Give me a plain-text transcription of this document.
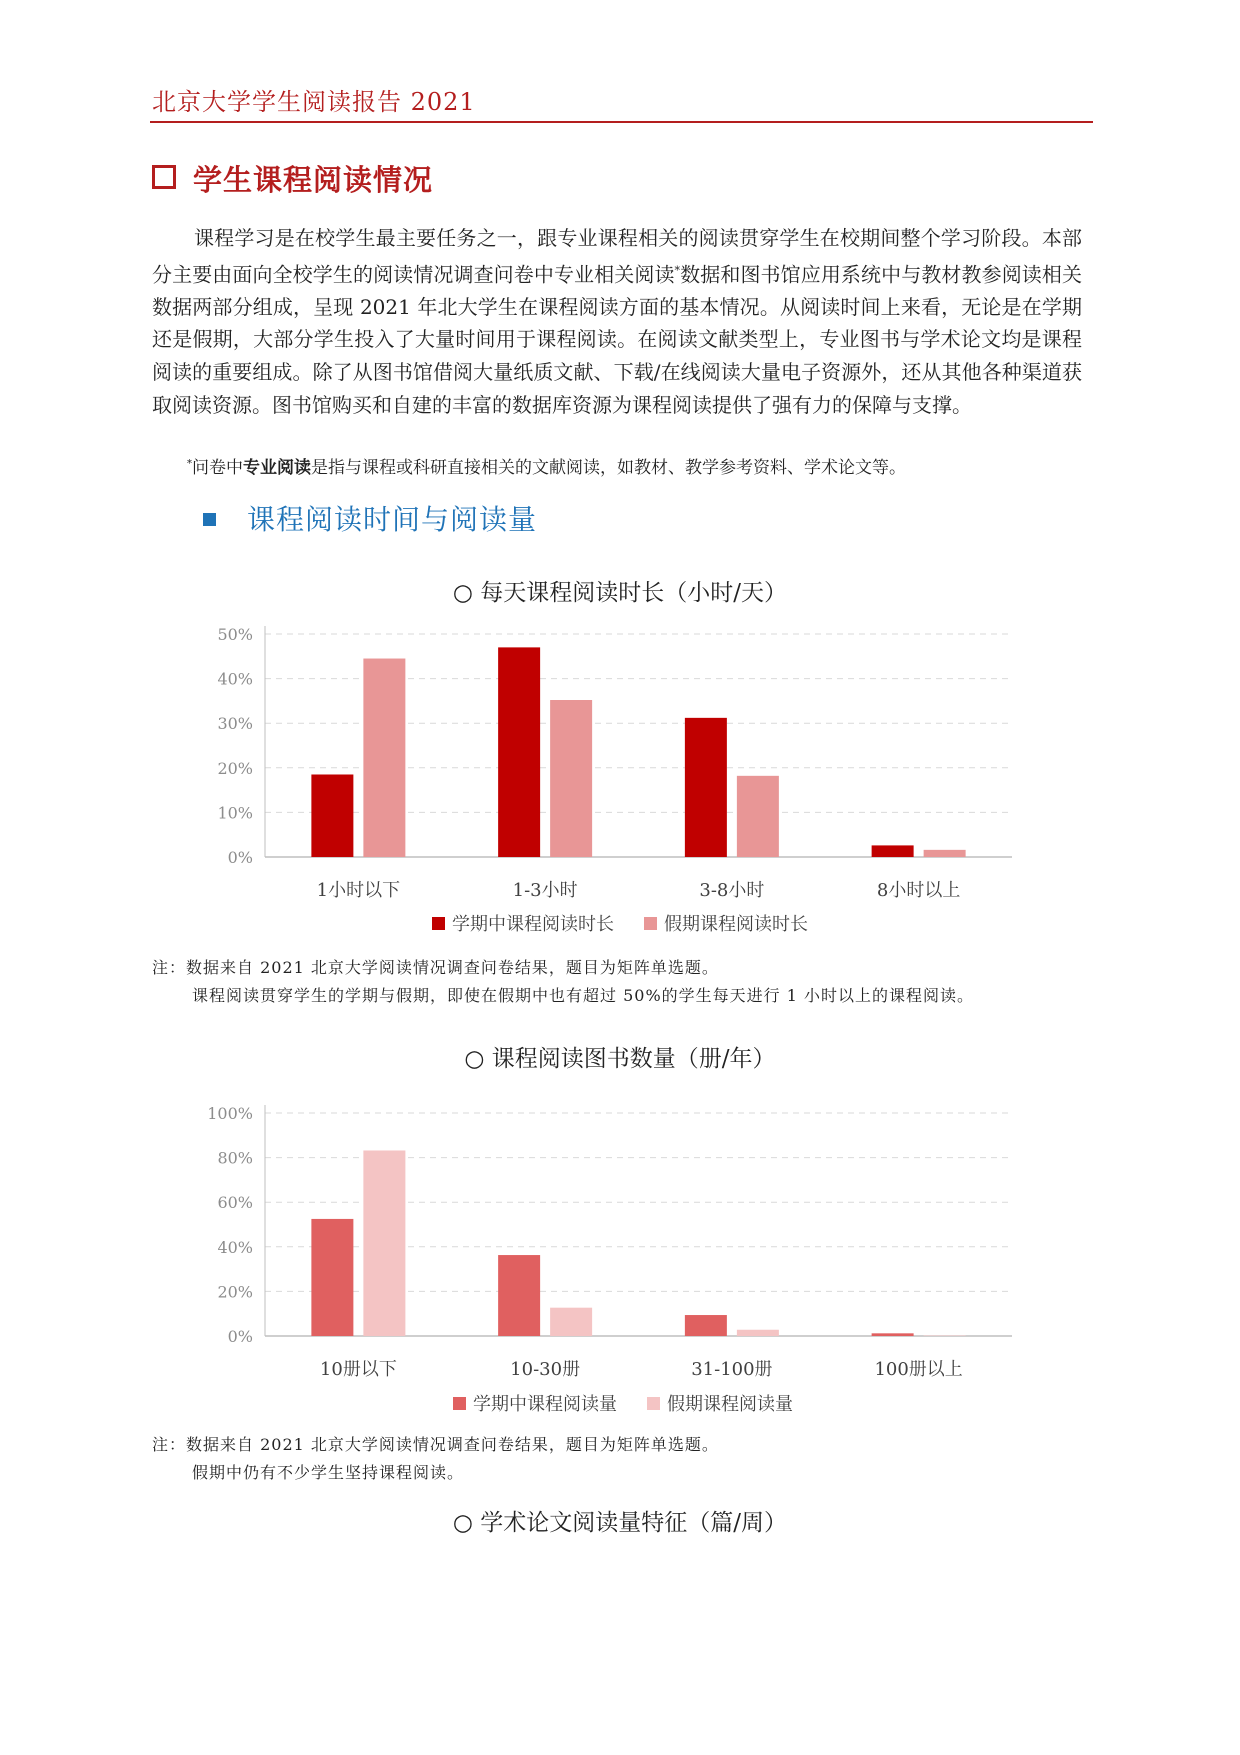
北京大学学生阅读报告 2021
学生课程阅读情况
课程学习是在校学生最主要任务之一，跟专业课程相关的阅读贯穿学生在校期间整个学习阶段。本部分主要由面向全校学生的阅读情况调查问卷中专业相关阅读*数据和图书馆应用系统中与教材教参阅读相关数据两部分组成，呈现 2021 年北大学生在课程阅读方面的基本情况。从阅读时间上来看，无论是在学期还是假期，大部分学生投入了大量时间用于课程阅读。在阅读文献类型上，专业图书与学术论文均是课程阅读的重要组成。除了从图书馆借阅大量纸质文献、下载/在线阅读大量电子资源外，还从其他各种渠道获取阅读资源。图书馆购买和自建的丰富的数据库资源为课程阅读提供了强有力的保障与支撑。
*问卷中专业阅读是指与课程或科研直接相关的文献阅读，如教材、教学参考资料、学术论文等。
课程阅读时间与阅读量
○ 每天课程阅读时长（小时/天）
0%
10%
20%
30%
40%
50%
1小时以下	1-3小时	3-8小时	8小时以上
学期中课程阅读时长	假期课程阅读时长
注：数据来自 2021 北京大学阅读情况调查问卷结果，题目为矩阵单选题。
课程阅读贯穿学生的学期与假期，即使在假期中也有超过 50%的学生每天进行 1 小时以上的课程阅读。
○ 课程阅读图书数量（册/年）
0%
20%
40%
60%
80%
100%
10册以下	10-30册	31-100册	100册以上
学期中课程阅读量	假期课程阅读量
注：数据来自 2021 北京大学阅读情况调查问卷结果，题目为矩阵单选题。
假期中仍有不少学生坚持课程阅读。
○ 学术论文阅读量特征（篇/周）
